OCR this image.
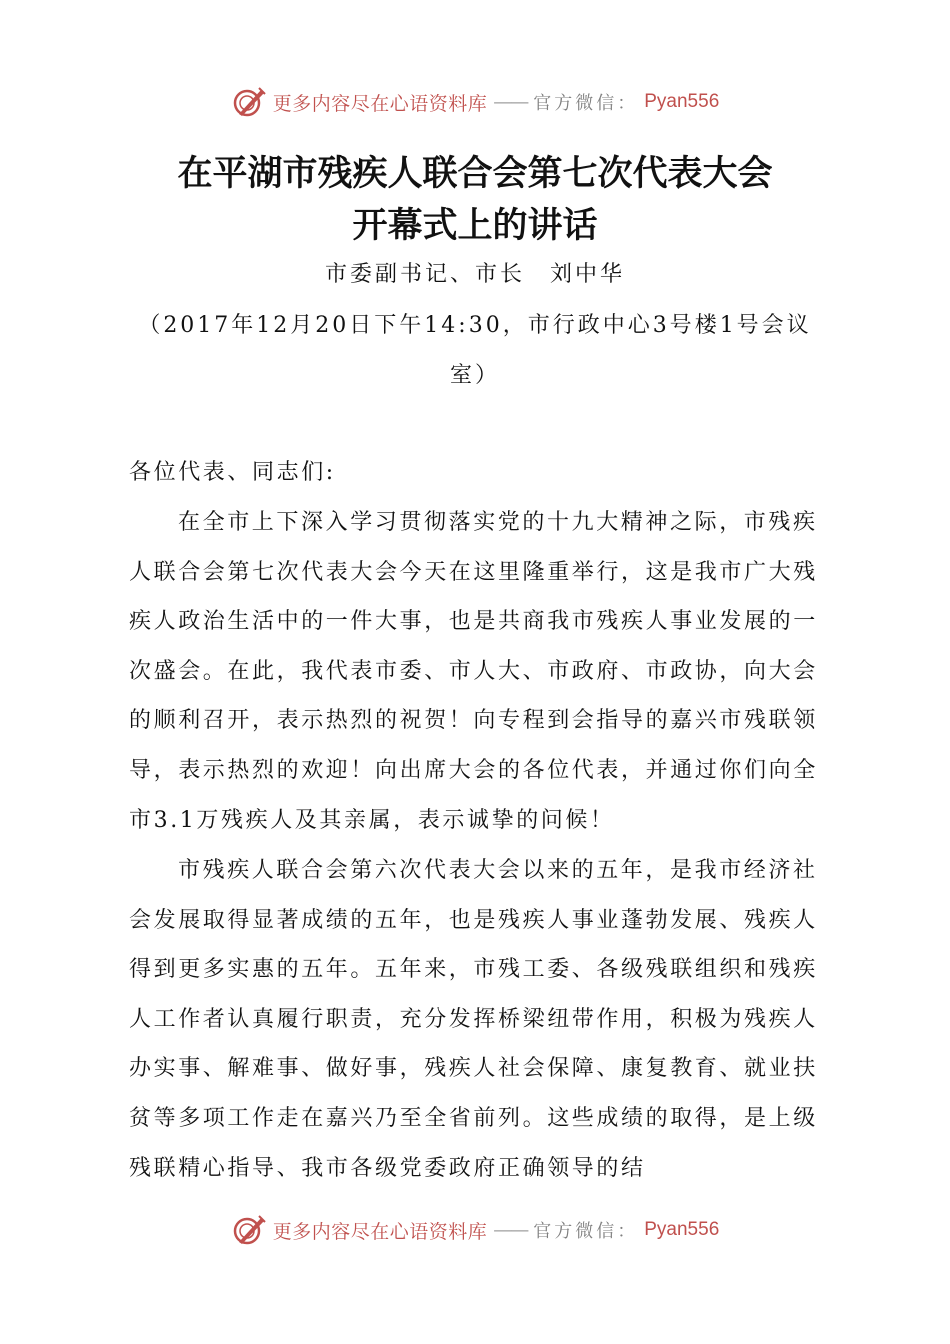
更多内容尽在心语资料库 —— 官方微信： Pyan556
在平湖市残疾人联合会第七次代表大会
开幕式上的讲话

市委副书记、市长　刘中华

（2017年12月20日下午14:30，市行政中心3号楼1号会议

室）

各位代表、同志们:

在全市上下深入学习贯彻落实党的十九大精神之际，市残疾人联合会第七次代表大会今天在这里隆重举行，这是我市广大残疾人政治生活中的一件大事，也是共商我市残疾人事业发展的一次盛会。在此，我代表市委、市人大、市政府、市政协，向大会的顺利召开，表示热烈的祝贺！向专程到会指导的嘉兴市残联领导，表示热烈的欢迎！向出席大会的各位代表，并通过你们向全市3.1万残疾人及其亲属，表示诚挚的问候！

市残疾人联合会第六次代表大会以来的五年，是我市经济社会发展取得显著成绩的五年，也是残疾人事业蓬勃发展、残疾人得到更多实惠的五年。五年来，市残工委、各级残联组织和残疾人工作者认真履行职责，充分发挥桥梁纽带作用，积极为残疾人办实事、解难事、做好事，残疾人社会保障、康复教育、就业扶贫等多项工作走在嘉兴乃至全省前列。这些成绩的取得，是上级残联精心指导、我市各级党委政府正确领导的结

更多内容尽在心语资料库 —— 官方微信： Pyan556
